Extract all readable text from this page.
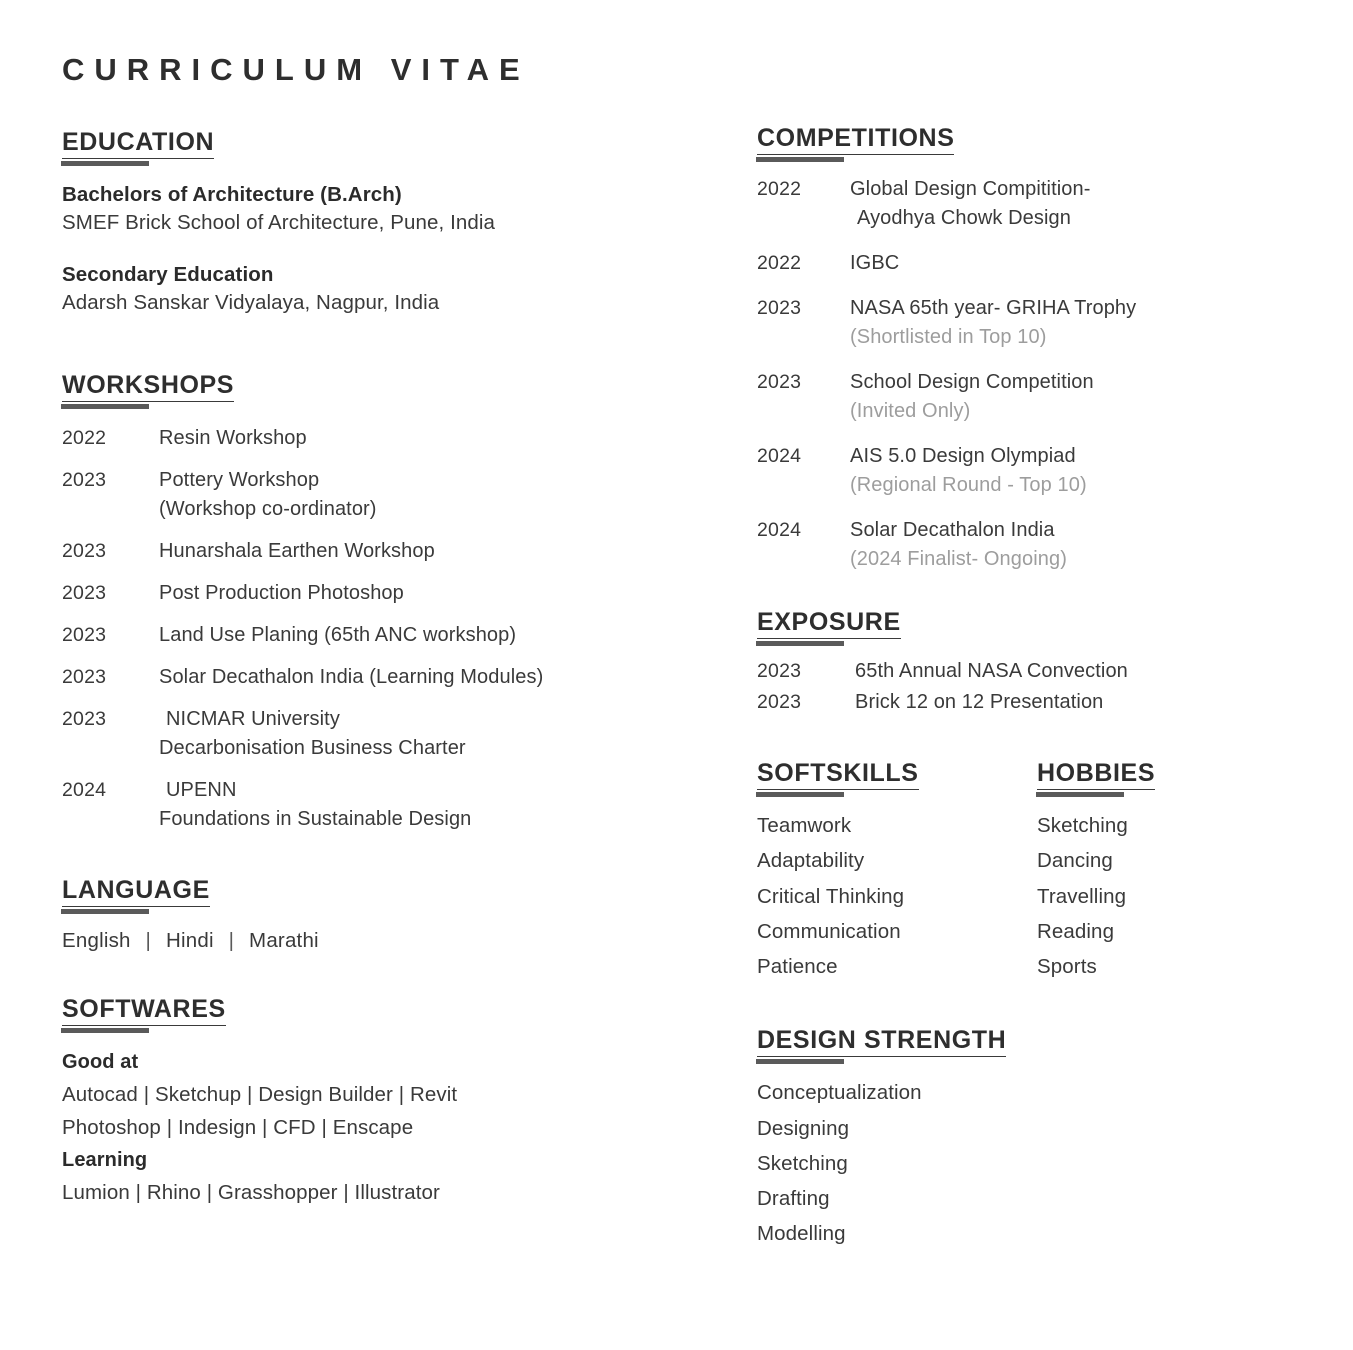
CURRICULUM VITAE
EDUCATION
Bachelors of Architecture (B.Arch)
SMEF Brick School of Architecture, Pune, India
Secondary Education
Adarsh Sanskar Vidyalaya, Nagpur, India
WORKSHOPS
2022	Resin Workshop
2023	Pottery Workshop
(Workshop co-ordinator)
2023	Hunarshala Earthen Workshop
2023	Post Production Photoshop
2023	Land Use Planing (65th ANC workshop)
2023	Solar Decathalon India (Learning Modules)
2023	NICMAR University
Decarbonisation Business Charter
2024	UPENN
Foundations in Sustainable Design
LANGUAGE
English | Hindi | Marathi
SOFTWARES
Good at
Autocad | Sketchup | Design Builder | Revit
Photoshop | Indesign | CFD | Enscape
Learning
Lumion | Rhino | Grasshopper | Illustrator
COMPETITIONS
2022	Global Design Compitition-
Ayodhya Chowk Design
2022	IGBC
2023	NASA 65th year- GRIHA Trophy
(Shortlisted in Top 10)
2023	School Design Competition
(Invited Only)
2024	AIS 5.0 Design Olympiad
(Regional Round - Top 10)
2024	Solar Decathalon India
(2024 Finalist- Ongoing)
EXPOSURE
2023	65th Annual NASA Convection
2023	Brick 12 on 12 Presentation
SOFTSKILLS
Teamwork
Adaptability
Critical Thinking
Communication
Patience
HOBBIES
Sketching
Dancing
Travelling
Reading
Sports
DESIGN STRENGTH
Conceptualization
Designing
Sketching
Drafting
Modelling
